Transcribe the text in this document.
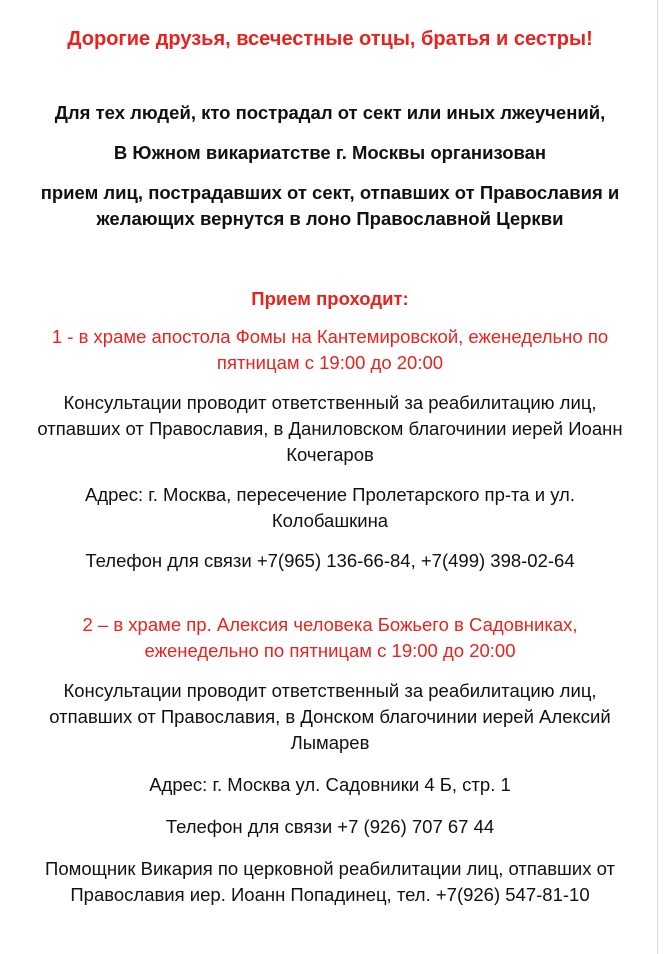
Дорогие друзья, всечестные отцы, братья и сестры!

Для тех людей, кто пострадал от сект или иных лжеучений,

В Южном викариатстве г. Москвы организован

прием лиц, пострадавших от сект, отпавших от Православия и

желающих вернутся в лоно Православной Церкви

Прием проходит:

1 - в храме апостола Фомы на Кантемировской, еженедельно по

пятницам с 19:00 до 20:00

Консультации проводит ответственный за реабилитацию лиц,

отпавших от Православия, в Даниловском благочинии иерей Иоанн

Кочегаров

Адрес: г. Москва, пересечение Пролетарского пр-та и ул.

Колобашкина

Телефон для связи +7(965) 136-66-84, +7(499) 398-02-64

2 – в храме пр. Алексия человека Божьего в Садовниках,

еженедельно по пятницам с 19:00 до 20:00

Консультации проводит ответственный за реабилитацию лиц,

отпавших от Православия, в Донском благочинии иерей Алексий

Лымарев

Адрес: г. Москва ул. Садовники 4 Б, стр. 1

Телефон для связи +7 (926) 707 67 44

Помощник Викария по церковной реабилитации лиц, отпавших от

Православия иер. Иоанн Попадинец, тел. +7(926) 547-81-10
